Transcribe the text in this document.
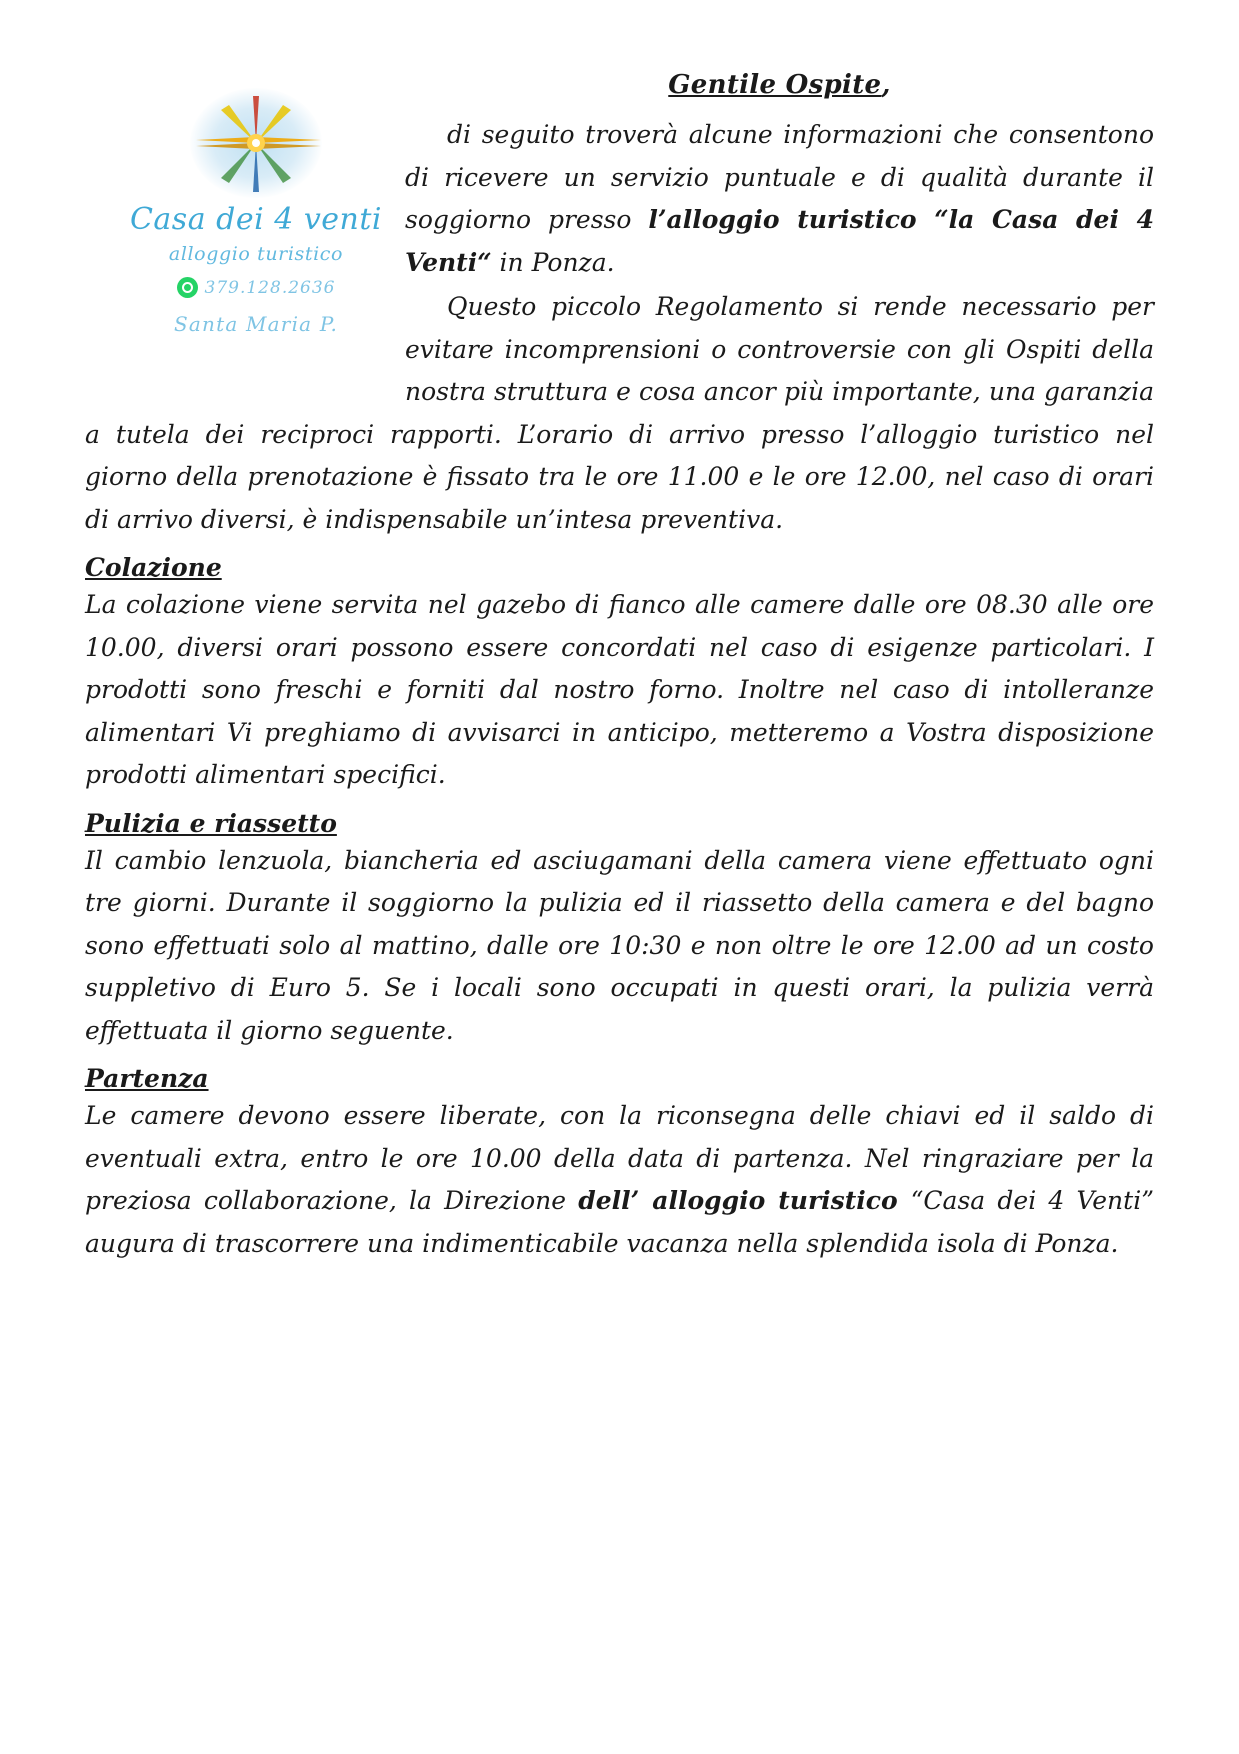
Casa dei 4 venti
alloggio turistico
379.128.2636
Santa Maria P.
Gentile Ospite,

di seguito troverà alcune informazioni che consentono di ricevere un servizio puntuale e di qualità durante il soggiorno presso l’alloggio turistico “la Casa dei 4 Venti“ in Ponza.

Questo piccolo Regolamento si rende necessario per evitare incomprensioni o controversie con gli Ospiti della nostra struttura e cosa ancor più importante, una garanzia a tutela dei reciproci rapporti. L’orario di arrivo presso l’alloggio turistico nel giorno della prenotazione è fissato tra le ore 11.00 e le ore 12.00, nel caso di orari di arrivo diversi, è indispensabile un’intesa preventiva.

Colazione

La colazione viene servita nel gazebo di fianco alle camere dalle ore 08.30 alle ore 10.00, diversi orari possono essere concordati nel caso di esigenze particolari. I prodotti sono freschi e forniti dal nostro forno. Inoltre nel caso di intolleranze alimentari Vi preghiamo di avvisarci in anticipo, metteremo a Vostra disposizione prodotti alimentari specifici.

Pulizia e riassetto

Il cambio lenzuola, biancheria ed asciugamani della camera viene effettuato ogni tre giorni. Durante il soggiorno la pulizia ed il riassetto della camera e del bagno sono effettuati solo al mattino, dalle ore 10:30 e non oltre le ore 12.00 ad un costo suppletivo di Euro 5. Se i locali sono occupati in questi orari, la pulizia verrà effettuata il giorno seguente.

Partenza

Le camere devono essere liberate, con la riconsegna delle chiavi ed il saldo di eventuali extra, entro le ore 10.00 della data di partenza. Nel ringraziare per la preziosa collaborazione, la Direzione dell’ alloggio turistico “Casa dei 4 Venti” augura di trascorrere una indimenticabile vacanza nella splendida isola di Ponza.
